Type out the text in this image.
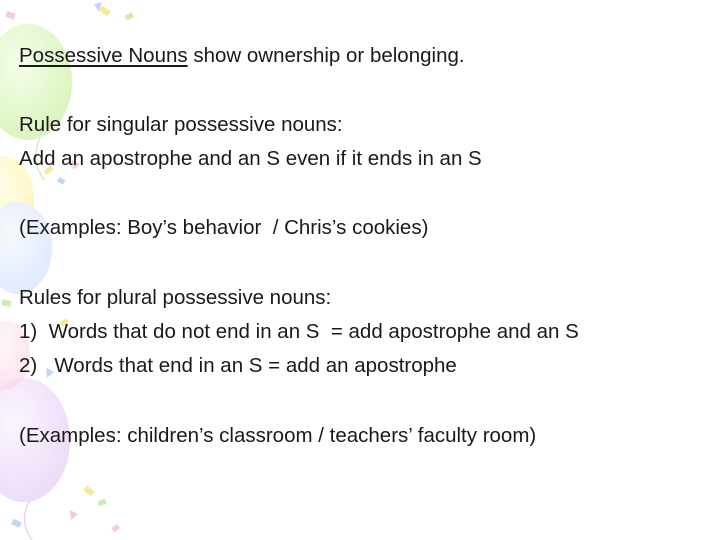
Possessive Nouns show ownership or belonging.
Rule for singular possessive nouns:
Add an apostrophe and an S even if it ends in an S
(Examples: Boy’s behavior  / Chris’s cookies)
Rules for plural possessive nouns:
1)  Words that do not end in an S  = add apostrophe and an S
2)   Words that end in an S = add an apostrophe
(Examples: children’s classroom / teachers’ faculty room)
